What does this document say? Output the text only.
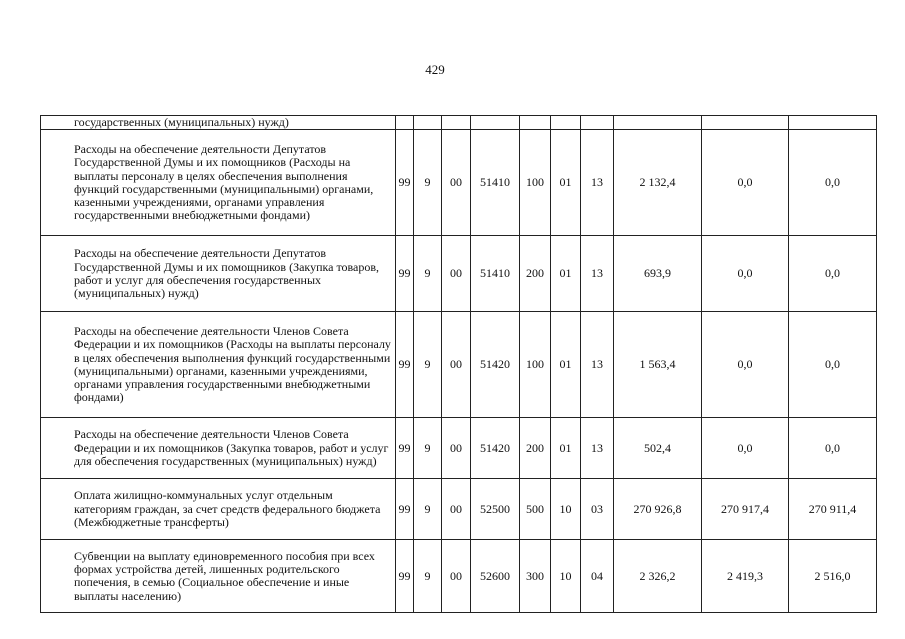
429
государственных (муниципальных) нужд)										
Расходы на обеспечение деятельности Депутатов Государственной Думы и их помощников (Расходы на выплаты персоналу в целях обеспечения выполнения функций государственными (муниципальными) органами, казенными учреждениями, органами управления государственными внебюджетными фондами)	99	9	00	51410	100	01	13	2 132,4	0,0	0,0
Расходы на обеспечение деятельности Депутатов Государственной Думы и их помощников (Закупка товаров, работ и услуг для обеспечения государственных (муниципальных) нужд)	99	9	00	51410	200	01	13	693,9	0,0	0,0
Расходы на обеспечение деятельности Членов Совета Федерации и их помощников (Расходы на выплаты персоналу в целях обеспечения выполнения функций государственными (муниципальными) органами, казенными учреждениями, органами управления государственными внебюджетными фондами)	99	9	00	51420	100	01	13	1 563,4	0,0	0,0
Расходы на обеспечение деятельности Членов Совета Федерации и их помощников (Закупка товаров, работ и услуг для обеспечения государственных (муниципальных) нужд)	99	9	00	51420	200	01	13	502,4	0,0	0,0
Оплата жилищно-коммунальных услуг отдельным категориям граждан, за счет средств федерального бюджета (Межбюджетные трансферты)	99	9	00	52500	500	10	03	270 926,8	270 917,4	270 911,4
Субвенции на выплату единовременного пособия при всех формах устройства детей, лишенных родительского попечения, в семью (Социальное обеспечение и иные выплаты населению)	99	9	00	52600	300	10	04	2 326,2	2 419,3	2 516,0
